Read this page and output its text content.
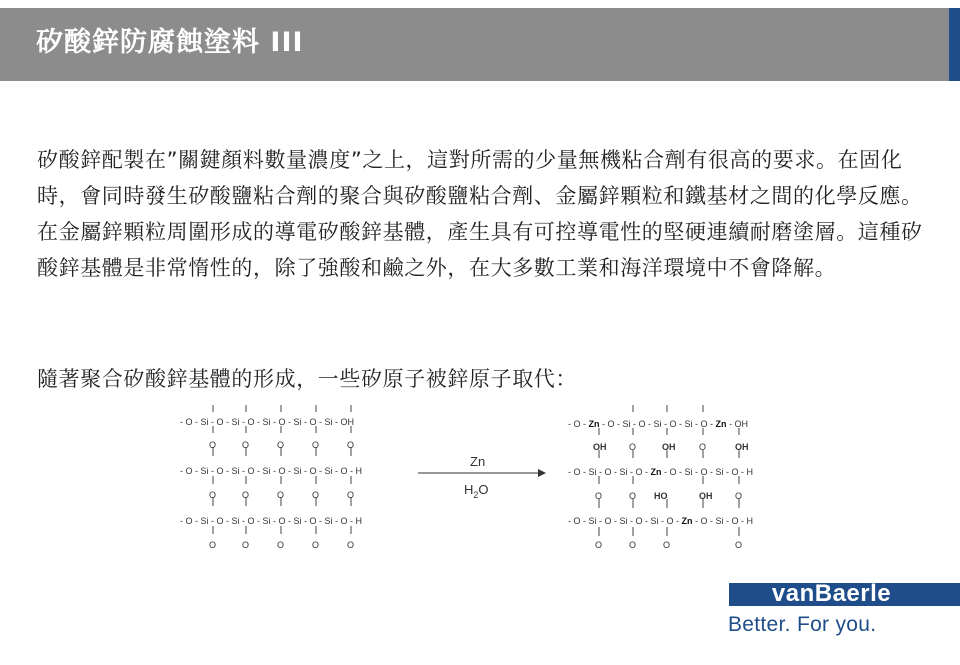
矽酸鋅防腐蝕塗料 III

矽酸鋅配製在”關鍵顏料數量濃度”之上，這對所需的少量無機粘合劑有很高的要求。在固化時，會同時發生矽酸鹽粘合劑的聚合與矽酸鹽粘合劑、金屬鋅顆粒和鐵基材之間的化學反應。在金屬鋅顆粒周圍形成的導電矽酸鋅基體，產生具有可控導電性的堅硬連續耐磨塗層。這種矽酸鋅基體是非常惰性的，除了強酸和鹼之外，在大多數工業和海洋環境中不會降解。

隨著聚合矽酸鋅基體的形成，一些矽原子被鋅原子取代：

- O - Si - O - Si - O - Si - O - Si - O - Si - OH
- O - Si - O - Si - O - Si - O - Si - O - Si - O - H
- O - Si - O - Si - O - Si - O - Si - O - Si - O - H
O	O	O	O	O
O	O	O	O	O
O	O	O	O	O
Zn
$H_2O$
- O - Zn - O - Si - O - Si - O - Si - O - Zn - OH
- O - Si - O - Si - O - Zn - O - Si - O - Si - O - H
- O - Si - O - Si - O - Si - O - Zn - O - Si - O - H
OH	O	OH	O	OH
O	O HO	OH	O
O	O	O	O
vanBaerle
Better. For you.
